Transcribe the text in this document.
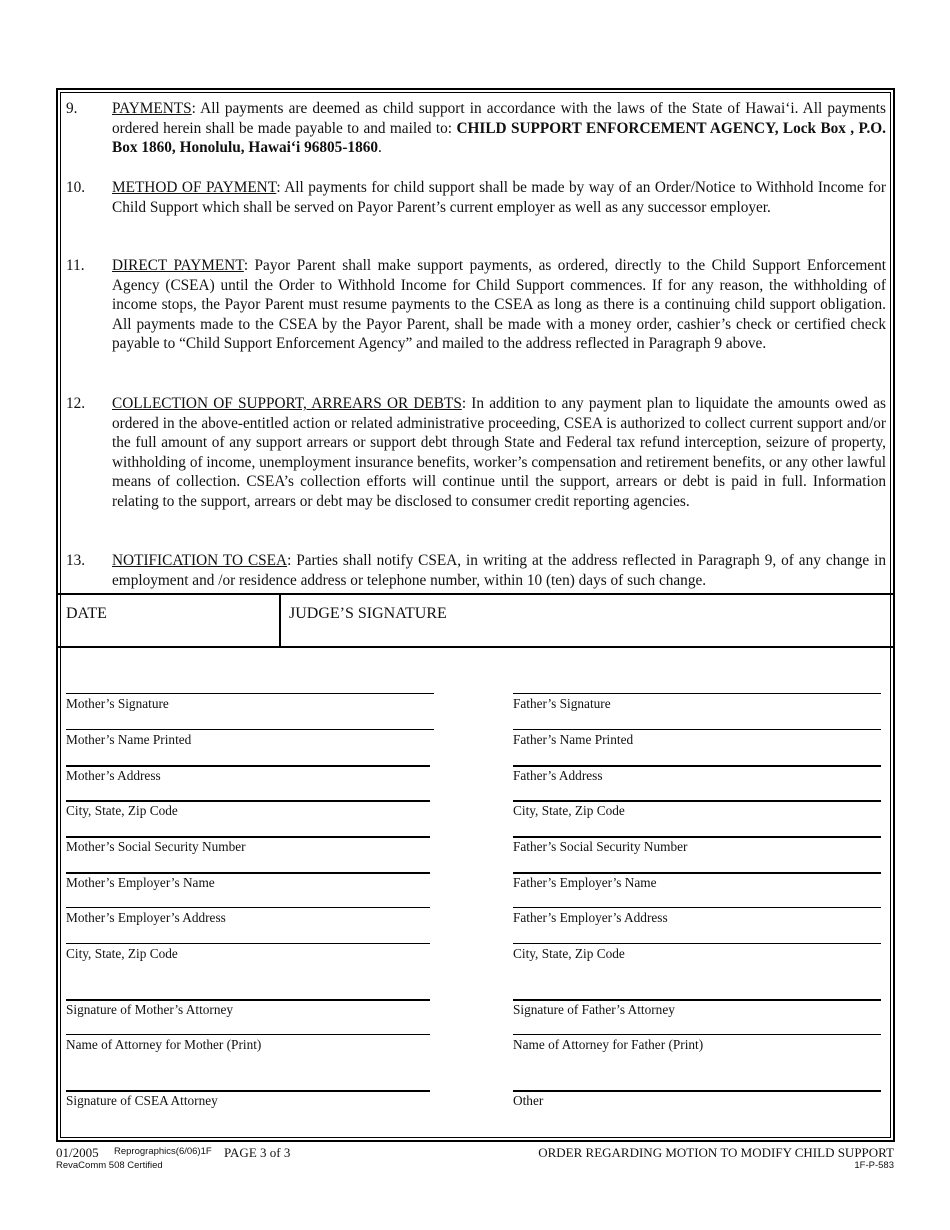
9. PAYMENTS: All payments are deemed as child support in accordance with the laws of the State of Hawai‘i. All payments ordered herein shall be made payable to and mailed to: CHILD SUPPORT ENFORCEMENT AGENCY, Lock Box , P.O. Box 1860, Honolulu, Hawai‘i 96805-1860.
10. METHOD OF PAYMENT: All payments for child support shall be made by way of an Order/Notice to Withhold Income for Child Support which shall be served on Payor Parent’s current employer as well as any successor employer.
11. DIRECT PAYMENT: Payor Parent shall make support payments, as ordered, directly to the Child Support Enforcement Agency (CSEA) until the Order to Withhold Income for Child Support commences. If for any reason, the withholding of income stops, the Payor Parent must resume payments to the CSEA as long as there is a continuing child support obligation. All payments made to the CSEA by the Payor Parent, shall be made with a money order, cashier’s check or certified check payable to “Child Support Enforcement Agency” and mailed to the address reflected in Paragraph 9 above.
12. COLLECTION OF SUPPORT, ARREARS OR DEBTS: In addition to any payment plan to liquidate the amounts owed as ordered in the above-entitled action or related administrative proceeding, CSEA is authorized to collect current support and/or the full amount of any support arrears or support debt through State and Federal tax refund interception, seizure of property, withholding of income, unemployment insurance benefits, worker’s compensation and retirement benefits, or any other lawful means of collection. CSEA’s collection efforts will continue until the support, arrears or debt is paid in full. Information relating to the support, arrears or debt may be disclosed to consumer credit reporting agencies.
13. NOTIFICATION TO CSEA: Parties shall notify CSEA, in writing at the address reflected in Paragraph 9, of any change in employment and /or residence address or telephone number, within 10 (ten) days of such change.
DATE	JUDGE’S SIGNATURE
Mother’s Signature
Mother’s Name Printed
Mother’s Address
City, State, Zip Code
Mother’s Social Security Number
Mother’s Employer’s Name
Mother’s Employer’s Address
City, State, Zip Code
Signature of Mother’s Attorney
Name of Attorney for Mother (Print)
Signature of CSEA Attorney
Father’s Signature
Father’s Name Printed
Father’s Address
City, State, Zip Code
Father’s Social Security Number
Father’s Employer’s Name
Father’s Employer’s Address
City, State, Zip Code
Signature of Father’s Attorney
Name of Attorney for Father (Print)
Other
01/2005 Reprographics(6/06)1F PAGE 3 of 3
RevaComm 508 Certified
ORDER REGARDING MOTION TO MODIFY CHILD SUPPORT
1F-P-583
